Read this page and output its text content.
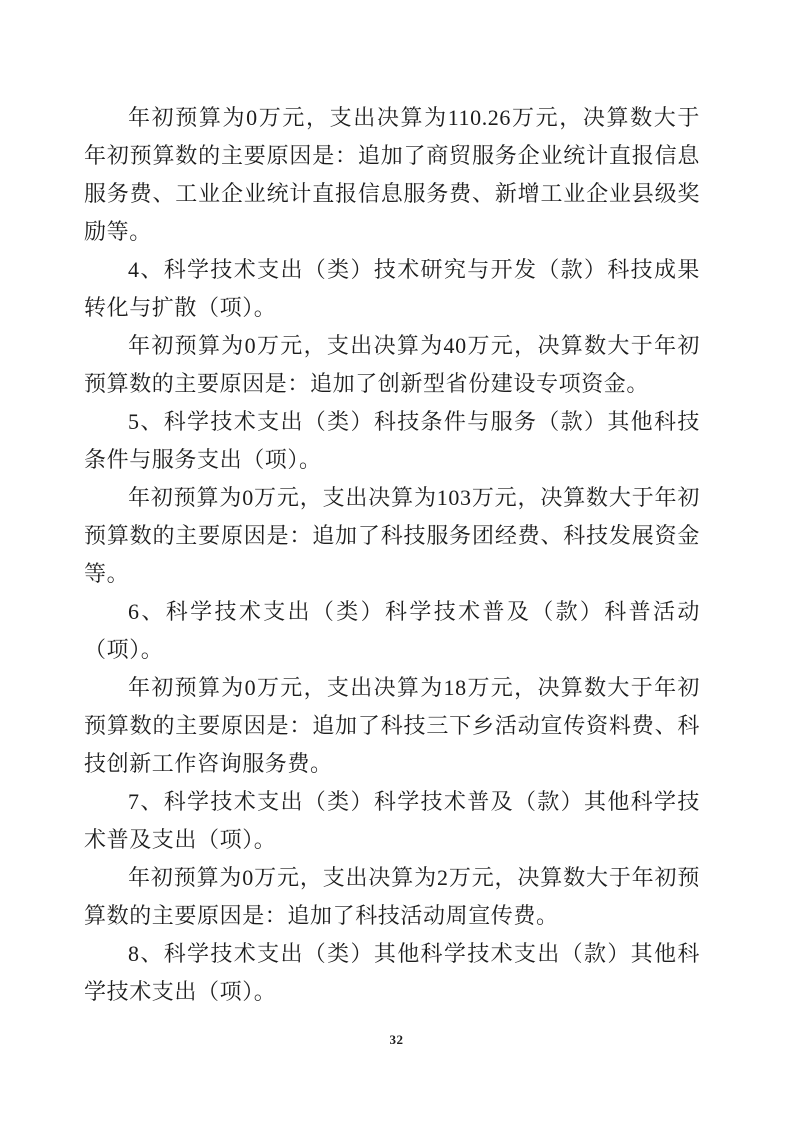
年初预算为0万元，支出决算为110.26万元，决算数大于年初预算数的主要原因是：追加了商贸服务企业统计直报信息服务费、工业企业统计直报信息服务费、新增工业企业县级奖励等。

4、科学技术支出（类）技术研究与开发（款）科技成果转化与扩散（项）。

年初预算为0万元，支出决算为40万元，决算数大于年初预算数的主要原因是：追加了创新型省份建设专项资金。

5、科学技术支出（类）科技条件与服务（款）其他科技条件与服务支出（项）。

年初预算为0万元，支出决算为103万元，决算数大于年初预算数的主要原因是：追加了科技服务团经费、科技发展资金等。

6、科学技术支出（类）科学技术普及（款）科普活动（项）。

年初预算为0万元，支出决算为18万元，决算数大于年初预算数的主要原因是：追加了科技三下乡活动宣传资料费、科技创新工作咨询服务费。

7、科学技术支出（类）科学技术普及（款）其他科学技术普及支出（项）。

年初预算为0万元，支出决算为2万元，决算数大于年初预算数的主要原因是：追加了科技活动周宣传费。

8、科学技术支出（类）其他科学技术支出（款）其他科学技术支出（项）。

32
